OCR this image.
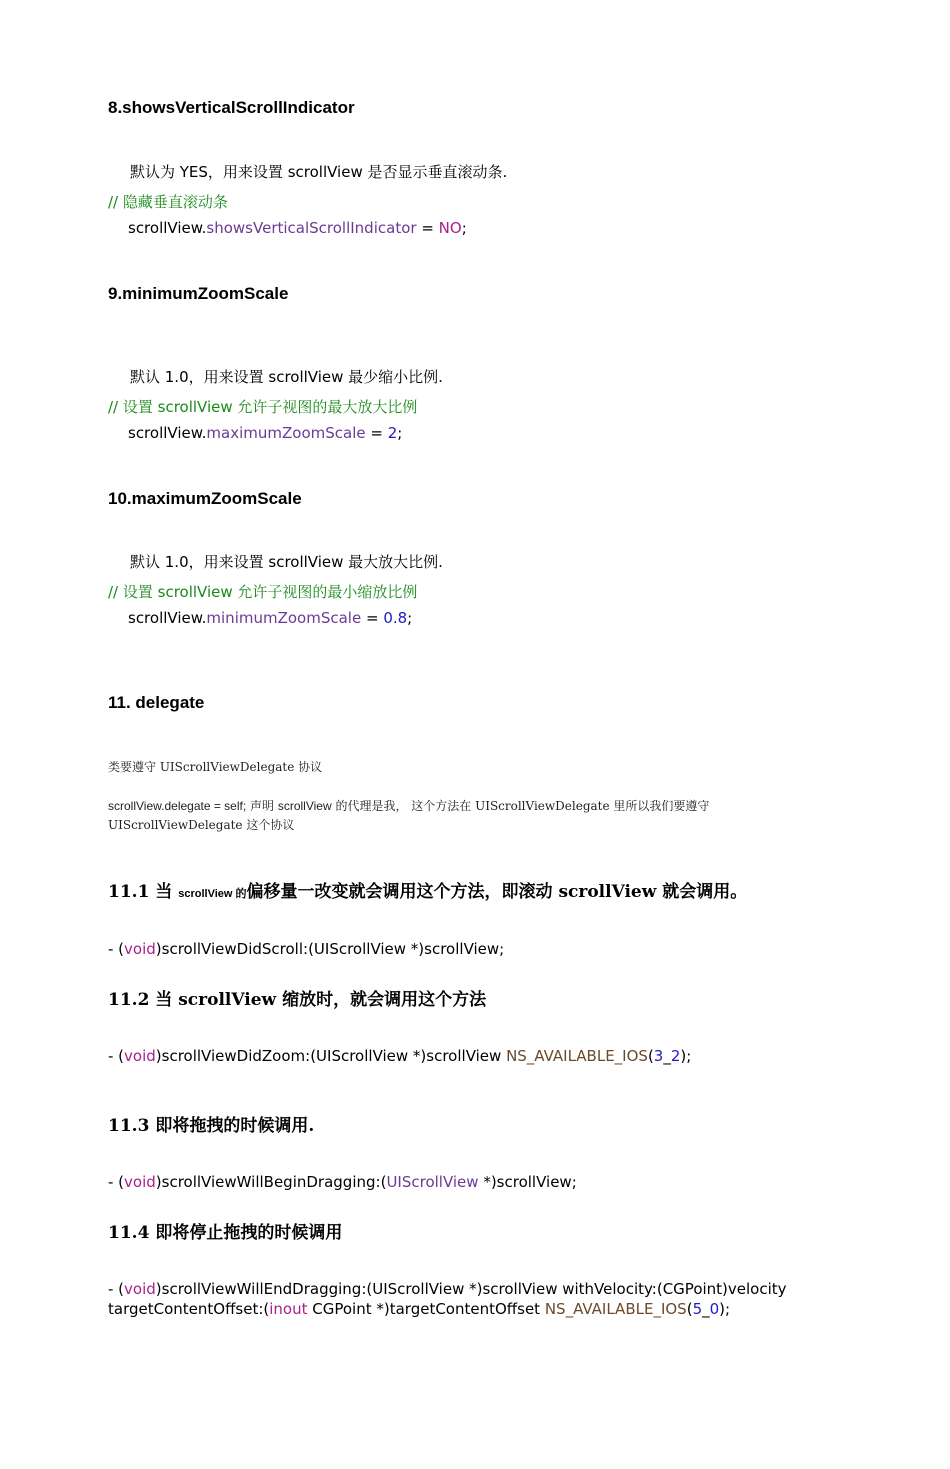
8.showsVerticalScrollIndicator
默认为 YES，用来设置 scrollView 是否显示垂直滚动条.
// 隐藏垂直滚动条
scrollView.showsVerticalScrollIndicator = NO;
9.minimumZoomScale
默认 1.0，用来设置 scrollView 最少缩小比例.
// 设置 scrollView 允许子视图的最大放大比例
scrollView.maximumZoomScale = 2;
10.maximumZoomScale
默认 1.0，用来设置 scrollView 最大放大比例.
// 设置 scrollView 允许子视图的最小缩放比例
scrollView.minimumZoomScale = 0.8;
11. delegate
类要遵守 UIScrollViewDelegate 协议
scrollView.delegate = self; 声明 scrollView 的代理是我， 这个方法在 UIScrollViewDelegate 里所以我们要遵守
UIScrollViewDelegate 这个协议
11.1 当 scrollView 的偏移量一改变就会调用这个方法，即滚动 scrollView 就会调用。
- (void)scrollViewDidScroll:(UIScrollView *)scrollView;
11.2 当 scrollView 缩放时，就会调用这个方法
- (void)scrollViewDidZoom:(UIScrollView *)scrollView NS_AVAILABLE_IOS(3_2);
11.3 即将拖拽的时候调用.
- (void)scrollViewWillBeginDragging:(UIScrollView *)scrollView;
11.4 即将停止拖拽的时候调用
- (void)scrollViewWillEndDragging:(UIScrollView *)scrollView withVelocity:(CGPoint)velocity
targetContentOffset:(inout CGPoint *)targetContentOffset NS_AVAILABLE_IOS(5_0);
